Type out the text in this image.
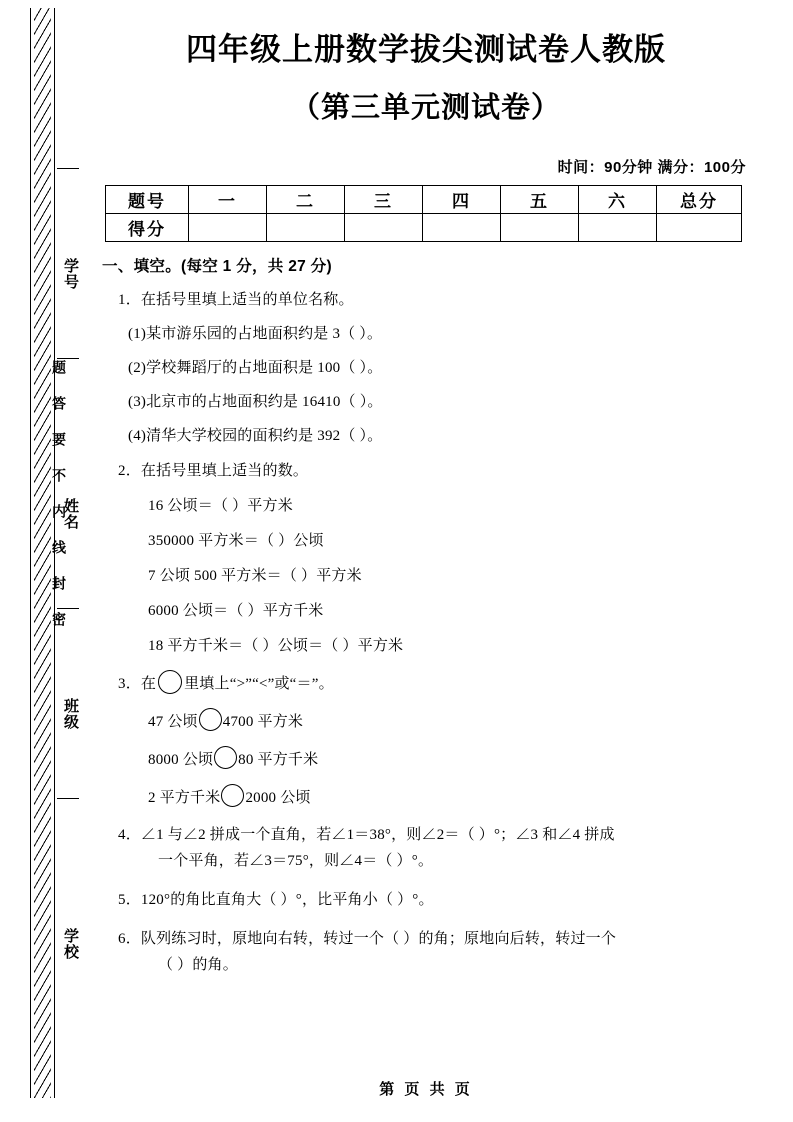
学号
姓名
班级
学校
题答要不内线封密
四年级上册数学拔尖测试卷人教版
（第三单元测试卷）
时间：90分钟 满分：100分
题号	一	二	三	四	五	六	总分
得分							
一、填空。(每空 1 分，共 27 分)
1．在括号里填上适当的单位名称。
(1)某市游乐园的占地面积约是 3（ ）。
(2)学校舞蹈厅的占地面积是 100（ ）。
(3)北京市的占地面积约是 16410（ ）。
(4)清华大学校园的面积约是 392（ ）。
2．在括号里填上适当的数。
16 公顷＝（ ）平方米
350000 平方米＝（ ）公顷
7 公顷 500 平方米＝（ ）平方米
6000 公顷＝（ ）平方千米
18 平方千米＝（ ）公顷＝（ ）平方米
3．在 里填上“>”“<”或“＝”。
47 公顷 4700 平方米
8000 公顷 80 平方千米
2 平方千米 2000 公顷
4．∠1 与∠2 拼成一个直角，若∠1＝38°，则∠2＝（ ）°；∠3 和∠4 拼成
一个平角，若∠3＝75°，则∠4＝（ ）°。
5．120°的角比直角大（ ）°，比平角小（ ）°。
6．队列练习时，原地向右转，转过一个（ ）的角；原地向后转，转过一个
（ ）的角。
第 页 共 页
